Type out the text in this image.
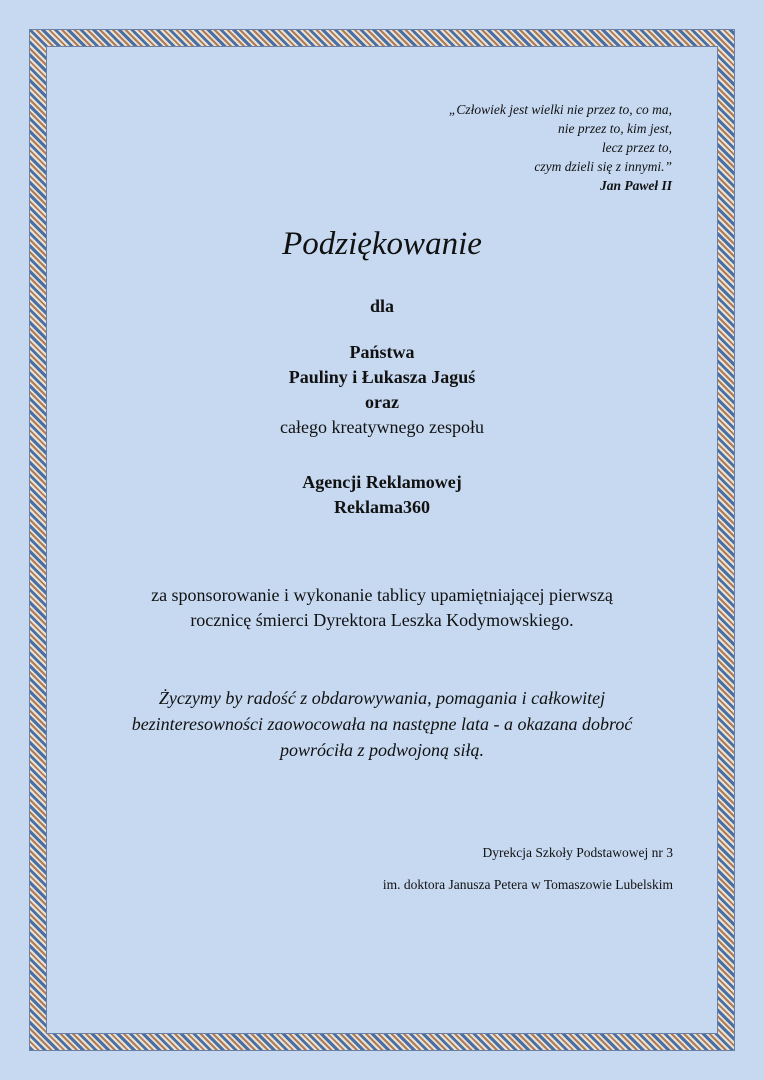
„Człowiek jest wielki nie przez to, co ma,
nie przez to, kim jest,
lecz przez to,
czym dzieli się z innymi.”
Jan Paweł II
Podziękowanie
dla
Państwa
Pauliny i Łukasza Jaguś
oraz
całego kreatywnego zespołu
Agencji Reklamowej
Reklama360
za sponsorowanie i wykonanie tablicy upamiętniającej pierwszą
rocznicę śmierci Dyrektora Leszka Kodymowskiego.
Życzymy by radość z obdarowywania, pomagania i całkowitej
bezinteresowności zaowocowała na następne lata - a okazana dobroć
powróciła z podwojoną siłą.
Dyrekcja Szkoły Podstawowej nr 3
im. doktora Janusza Petera w Tomaszowie Lubelskim
